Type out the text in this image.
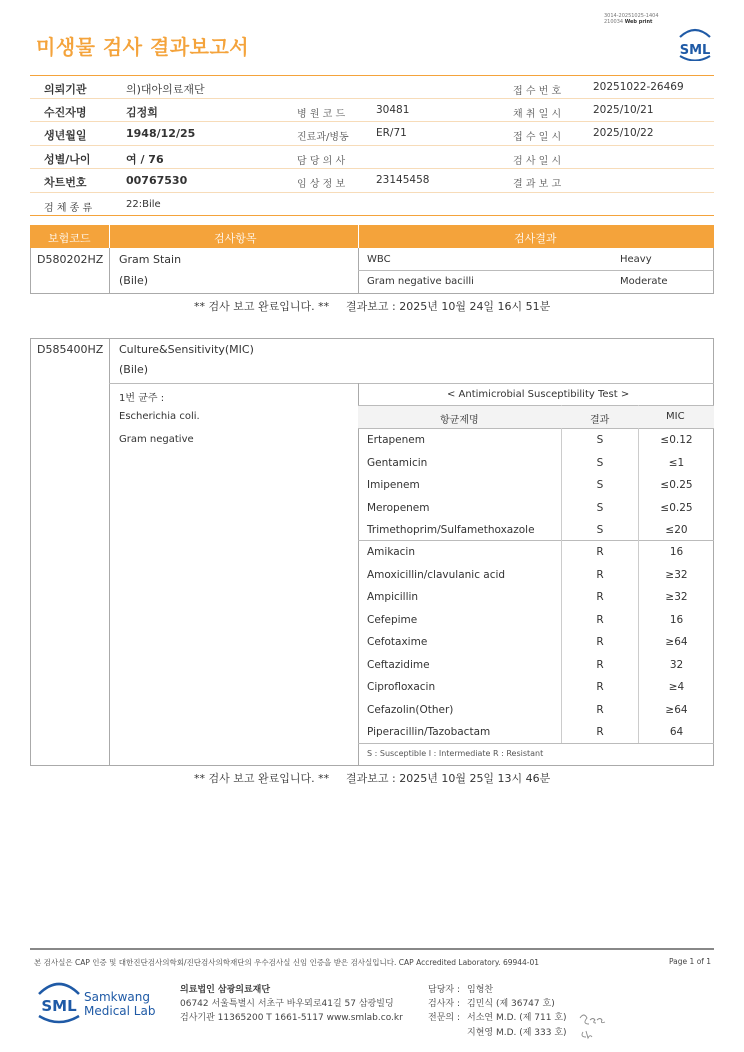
3014-20251025-1404
210034 Web print
미생물 검사 결과보고서	SML
의뢰기관	의)대아의료재단	접 수 번 호	20251022-26469
수진자명	김정희	병 원 코 드	30481	채 취 일 시	2025/10/21
생년월일	1948/12/25	진료과/병동	ER/71	접 수 일 시	2025/10/22
성별/나이	여 / 76	담 당 의 사	검 사 일 시
차트번호	00767530	임 상 정 보	23145458	결 과 보 고
검 체 종 류	22:Bile
보험코드	검사항목	검사결과
D580202HZ Gram Stain
(Bile)
WBC	Heavy
Gram negative bacilli	Moderate
** 검사 보고 완료입니다. ** 결과보고 : 2025년 10월 24일 16시 51분
D585400HZ Culture&Sensitivity(MIC)
(Bile)
1번 균주 :
Escherichia coli.
Gram negative
< Antimicrobial Susceptibility Test >
항균제명	결과	MIC
Ertapenem	S	≤0.12
Gentamicin	S	≤1
Imipenem	S	≤0.25
Meropenem	S	≤0.25
Trimethoprim/Sulfamethoxazole	S	≤20
Amikacin	R	16
Amoxicillin/clavulanic acid	R	≥32
Ampicillin	R	≥32
Cefepime	R	16
Cefotaxime	R	≥64
Ceftazidime	R	32
Ciprofloxacin	R	≥4
Cefazolin(Other)	R	≥64
Piperacillin/Tazobactam	R	64
S : Susceptible I : Intermediate R : Resistant
** 검사 보고 완료입니다. ** 결과보고 : 2025년 10월 25일 13시 46분
본 검사실은 CAP 인증 및 대한진단검사의학회/진단검사의학재단의 우수검사실 신임 인증을 받은 검사실입니다. CAP Accredited Laboratory. 69944-01	Page 1 of 1
SML Samkwang
Medical Lab
의료법인 삼광의료재단
06742 서울특별시 서초구 바우뫼로41길 57 삼광빌딩
검사기관 11365200 T 1661-5117 www.smlab.co.kr
담당자 : 임형찬
검사자 : 김민식 (제 36747 호)
전문의 : 서소연 M.D. (제 711 호)
지현영 M.D. (제 333 호)
